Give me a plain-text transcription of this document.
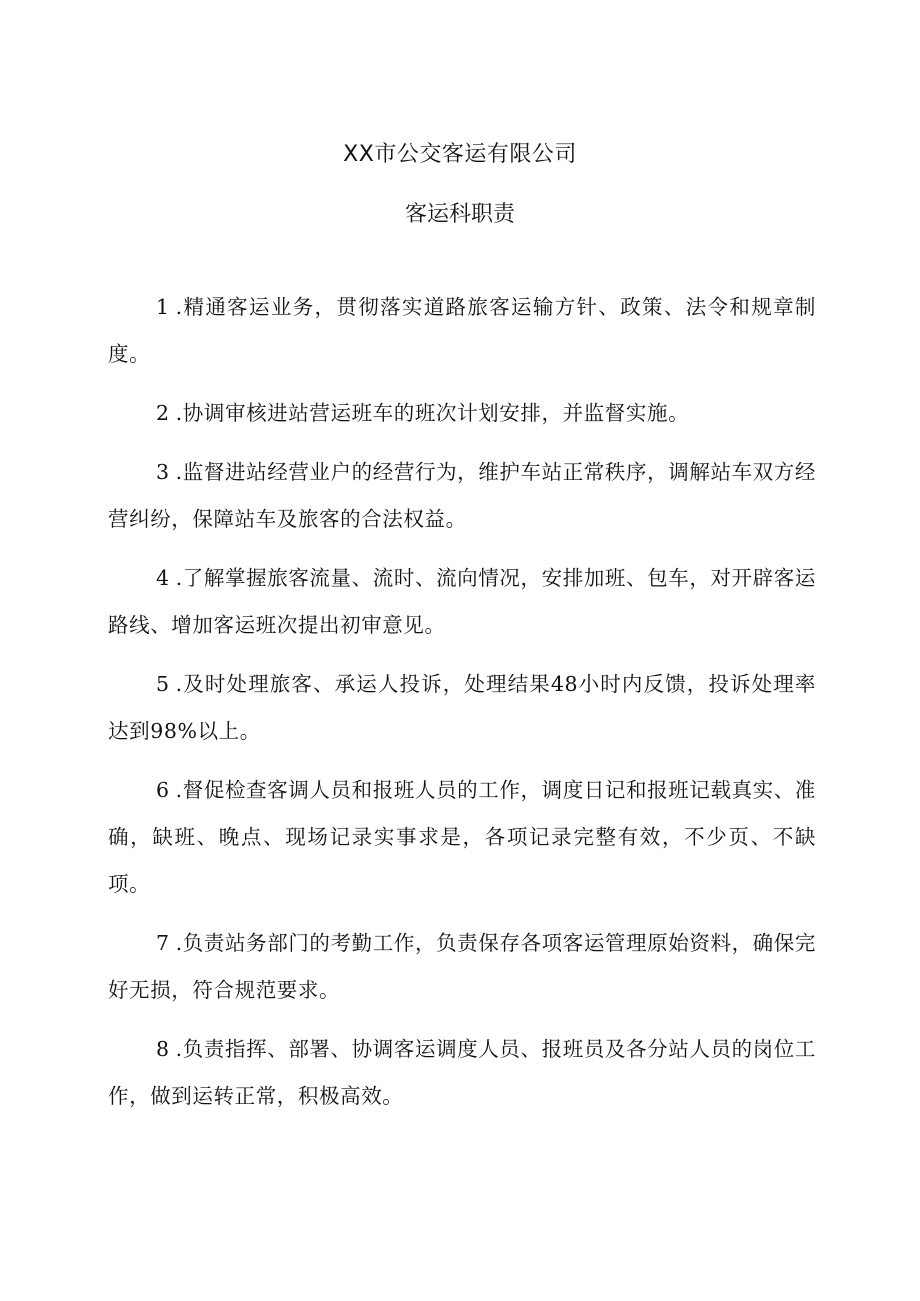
XX市公交客运有限公司
客运科职责
1 .精通客运业务，贯彻落实道路旅客运输方针、政策、法令和规章制度。
2 .协调审核进站营运班车的班次计划安排，并监督实施。
3 .监督进站经营业户的经营行为，维护车站正常秩序，调解站车双方经营纠纷，保障站车及旅客的合法权益。
4 .了解掌握旅客流量、流时、流向情况，安排加班、包车，对开辟客运路线、增加客运班次提出初审意见。
5 .及时处理旅客、承运人投诉，处理结果48小时内反馈，投诉处理率达到98%以上。
6 .督促检查客调人员和报班人员的工作，调度日记和报班记载真实、准确，缺班、晚点、现场记录实事求是，各项记录完整有效，不少页、不缺项。
7 .负责站务部门的考勤工作，负责保存各项客运管理原始资料，确保完好无损，符合规范要求。
8 .负责指挥、部署、协调客运调度人员、报班员及各分站人员的岗位工作，做到运转正常，积极高效。
